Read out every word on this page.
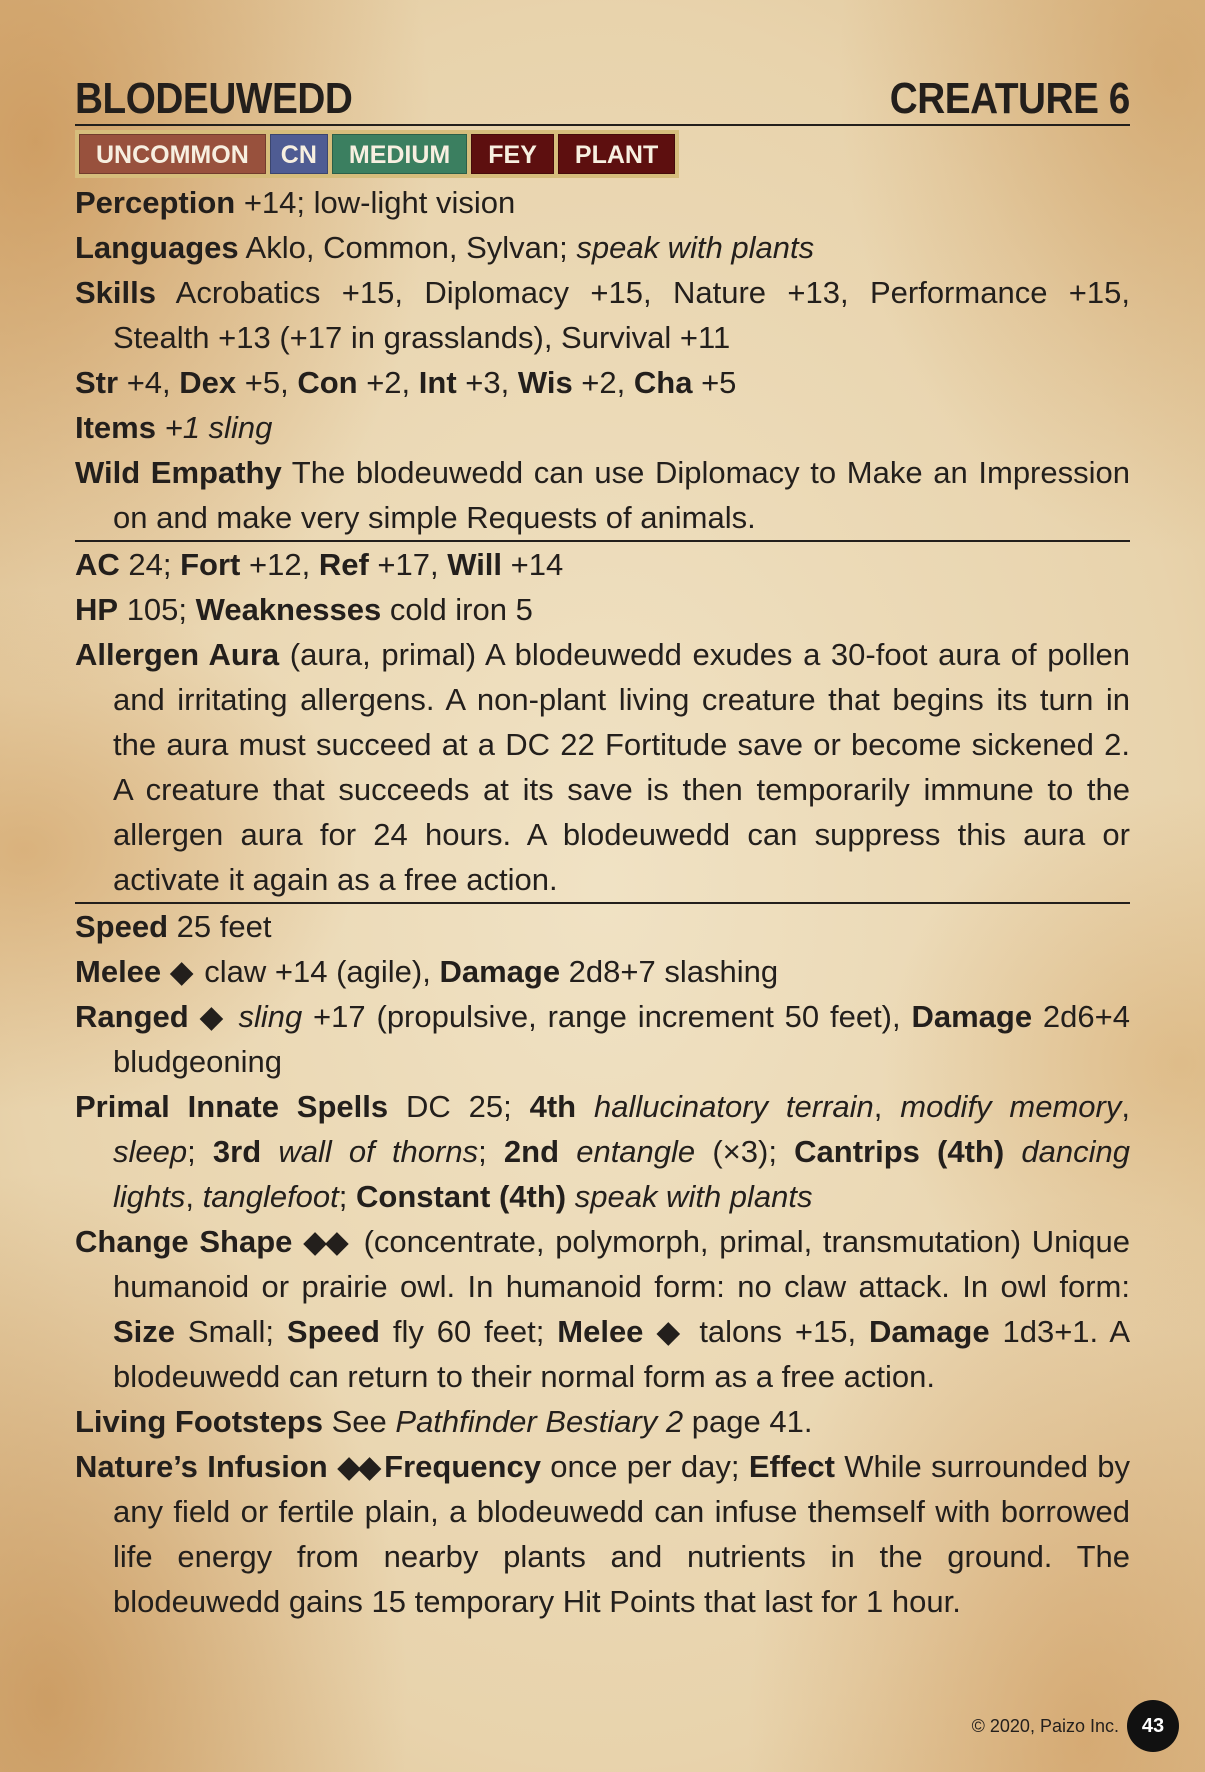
BLODEUWEDD	CREATURE 6
UNCOMMON	CN	MEDIUM	FEY	PLANT
Perception +14; low-light vision
Languages Aklo, Common, Sylvan; speak with plants
Skills Acrobatics +15, Diplomacy +15, Nature +13, Performance +15, Stealth +13 (+17 in grasslands), Survival +11
Str +4, Dex +5, Con +2, Int +3, Wis +2, Cha +5
Items +1 sling
Wild Empathy The blodeuwedd can use Diplomacy to Make an Impression on and make very simple Requests of animals.
AC 24; Fort +12, Ref +17, Will +14
HP 105; Weaknesses cold iron 5
Allergen Aura (aura, primal) A blodeuwedd exudes a 30-foot aura of pollen and irritating allergens. A non-plant living creature that begins its turn in the aura must succeed at a DC 22 Fortitude save or become sickened 2. A creature that succeeds at its save is then temporarily immune to the allergen aura for 24 hours. A blodeuwedd can suppress this aura or activate it again as a free action.
Speed 25 feet
Melee ◆ claw +14 (agile), Damage 2d8+7 slashing
Ranged ◆ sling +17 (propulsive, range increment 50 feet), Damage 2d6+4 bludgeoning
Primal Innate Spells DC 25; 4th hallucinatory terrain, modify memory, sleep; 3rd wall of thorns; 2nd entangle (×3); Cantrips (4th) dancing lights, tanglefoot; Constant (4th) speak with plants
Change Shape ◆◆ (concentrate, polymorph, primal, transmutation) Unique humanoid or prairie owl. In humanoid form: no claw attack. In owl form: Size Small; Speed fly 60 feet; Melee ◆ talons +15, Damage 1d3+1. A blodeuwedd can return to their normal form as a free action.
Living Footsteps See Pathfinder Bestiary 2 page 41.
Nature’s Infusion ◆◆ Frequency once per day; Effect While surrounded by any field or fertile plain, a blodeuwedd can infuse themself with borrowed life energy from nearby plants and nutrients in the ground. The blodeuwedd gains 15 temporary Hit Points that last for 1 hour.
© 2020, Paizo Inc.	43
